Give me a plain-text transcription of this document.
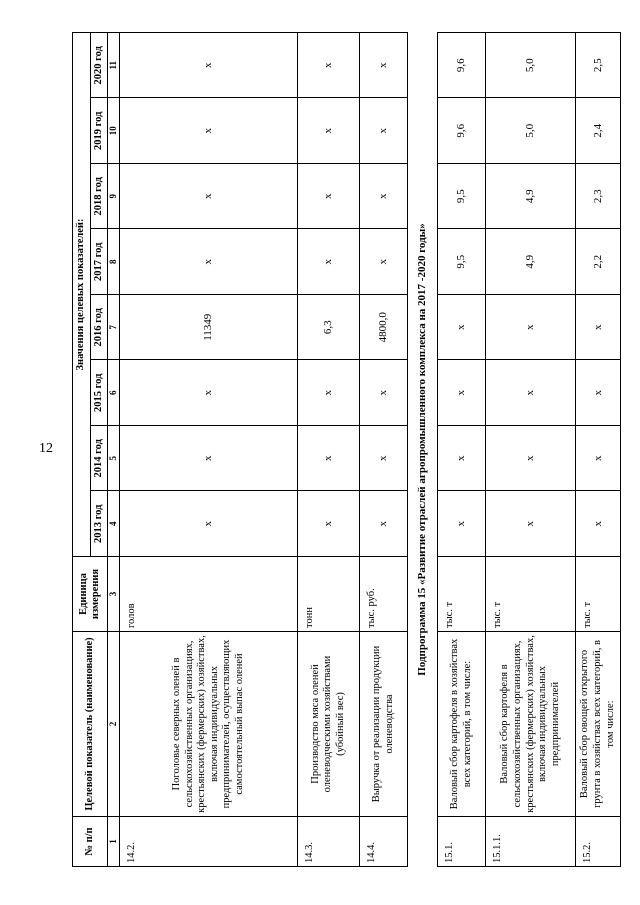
12
№ п/п	Целевой показатель (наименование)	Единица измерения	Значения целевых показателей:							
			2013 год	2014 год	2015 год	2016 год	2017 год	2018 год	2019 год	2020 год
1	2	3	4	5	6	7	8	9	10	11
14.2.	Поголовье северных оленей в сельскохозяйственных организациях, крестьянских (фермерских) хозяйствах, включая индивидуальных предпринимателей, осуществляющих самостоятельный выпас оленей	голов	x	x	x	11349	x	x	x	x
14.3.	Производство мяса оленей оленеводческими хозяйствами (убойный вес)	тонн	x	x	x	6,3	x	x	x	x
14.4.	Выручка от реализации продукции оленеводства	тыс. руб.	x	x	x	4800,0	x	x	x	x
Подпрограмма 15 «Развитие отраслей агропромышленного комплекса на 2017 -2020 годы»										
15.1.	Валовый сбор картофеля в хозяйствах всех категорий, в том числе:	тыс. т	x	x	x	x	9,5	9,5	9,6	9,6
15.1.1.	Валовый сбор картофеля в сельскохозяйственных организациях, крестьянских (фермерских) хозяйствах, включая индивидуальных предпринимателей	тыс. т	x	x	x	x	4,9	4,9	5,0	5,0
15.2.	Валовый сбор овощей открытого грунта в хозяйствах всех категорий, в том числе:	тыс. т	x	x	x	x	2,2	2,3	2,4	2,5
